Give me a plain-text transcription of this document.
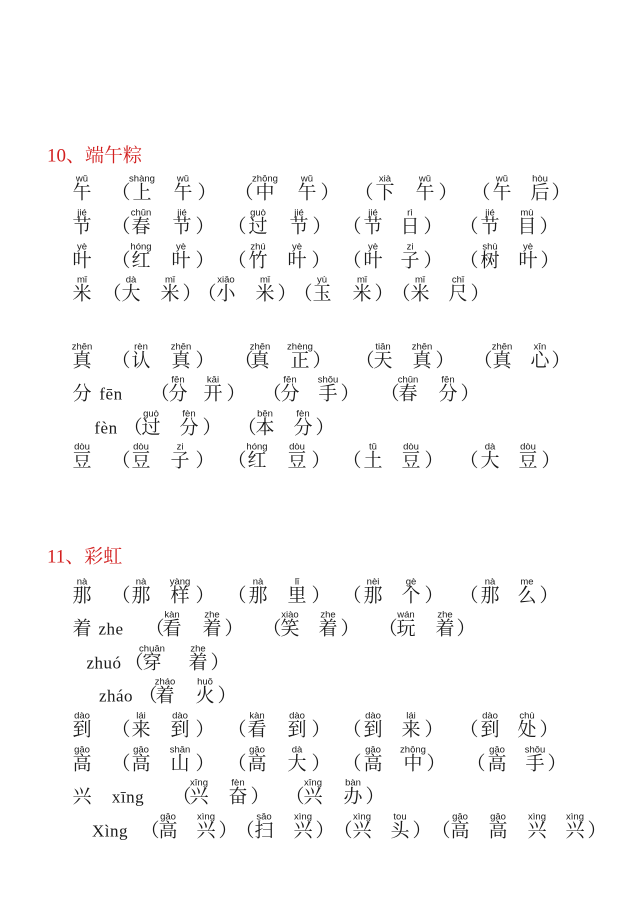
10、端午粽
wǔ
午 （
shàng
上
wǔ
午 ） （
zhōng
中
wǔ
午 ） （
xià
下
wǔ
午 ） （
wǔ
午
hòu
后 ）
jié
节 （
chūn
春
jié
节 ） （
guò
过
jié
节 ） （
jié
节
rì
日 ） （
jié
节
mù
目 ）
yè
叶 （
hóng
红
yè
叶 ） （
zhú
竹
yè
叶 ） （
yè
叶
zi
子 ） （
shù
树
yè
叶 ）
mǐ
米 （
dà
大
mǐ
米 ）
（
xiǎo
小
mǐ
米 ）
（
yù
玉
mǐ
米 ）
（
mǐ
米
chǐ
尺 ）
zhēn
真 （
rèn
认
zhēn
真 ） （
zhēn
真
zhèng
正 ） （
tiān
天
zhēn
真 ） （
zhēn
真
xīn
心 ）
分 fēn （
fēn
分
kāi
开 ） （
fēn
分
shǒu
手 ） （
chūn
春
fēn
分 ）
fèn （
guò
过
fèn
分 ） （
běn
本
fèn
分 ）
dòu
豆 （
dòu
豆
zi
子 ） （
hóng
红
dòu
豆 ） （
tǔ
土
dòu
豆 ） （
dà
大
dòu
豆 ）
11、彩虹
nà
那 （
nà
那
yàng
样 ） （
nà
那
lǐ
里 ） （
nèi
那
gè
个 ） （
nà
那
me
么 ）
着 zhe （
kàn
看
zhe
着 ） （
xiào
笑
zhe
着 ） （
wán
玩
zhe
着 ）
zhuó （
chuān
穿
zhe
着 ）
zháo （
zháo
着
huǒ
火 ）
dào
到 （
lái
来
dào
到 ） （
kàn
看
dào
到 ） （
dào
到
lái
来 ） （
dào
到
chù
处 ）
gāo
高 （
gāo
高
shān
山 ） （
gāo
高
dà
大 ） （
gāo
高
zhōng
中 ） （
gāo
高
shǒu
手 ）
兴 xīng （
xīng
兴
fèn
奋 ） （
xīng
兴
bàn
办 ）
Xìng （
gāo
高
xìng
兴 ）
（
sǎo
扫
xìng
兴 ）
（
xìng
兴
tou
头 ） （
gāo
高
gāo
高
xìng
兴
xìng
兴 ）
